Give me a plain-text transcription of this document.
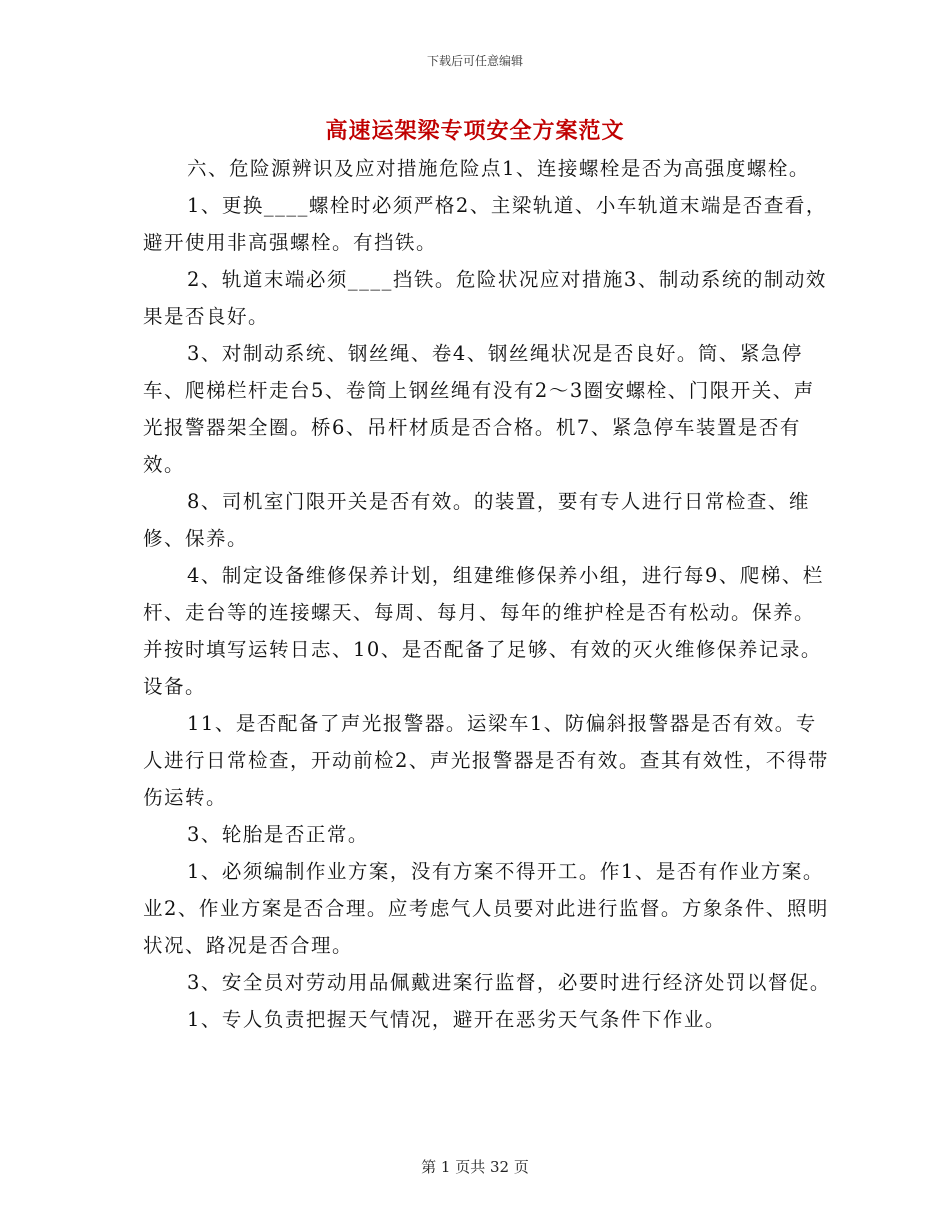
下载后可任意编辑
高速运架梁专项安全方案范文

六、危险源辨识及应对措施危险点1、连接螺栓是否为高强度螺栓。

1、更换____螺栓时必须严格2、主梁轨道、小车轨道末端是否查看，避开使用非高强螺栓。有挡铁。

2、轨道末端必须____挡铁。危险状况应对措施3、制动系统的制动效果是否良好。

3、对制动系统、钢丝绳、卷4、钢丝绳状况是否良好。筒、紧急停车、爬梯栏杆走台5、卷筒上钢丝绳有没有2～3圈安螺栓、门限开关、声光报警器架全圈。桥6、吊杆材质是否合格。机7、紧急停车装置是否有效。

8、司机室门限开关是否有效。的装置，要有专人进行日常检查、维修、保养。

4、制定设备维修保养计划，组建维修保养小组，进行每9、爬梯、栏杆、走台等的连接螺天、每周、每月、每年的维护栓是否有松动。保养。并按时填写运转日志、10、是否配备了足够、有效的灭火维修保养记录。设备。

11、是否配备了声光报警器。运梁车1、防偏斜报警器是否有效。专人进行日常检查，开动前检2、声光报警器是否有效。查其有效性，不得带伤运转。

3、轮胎是否正常。

1、必须编制作业方案，没有方案不得开工。作1、是否有作业方案。业2、作业方案是否合理。应考虑气人员要对此进行监督。方象条件、照明状况、路况是否合理。

3、安全员对劳动用品佩戴进案行监督，必要时进行经济处罚以督促。

1、专人负责把握天气情况，避开在恶劣天气条件下作业。

第 1 页共 32 页
